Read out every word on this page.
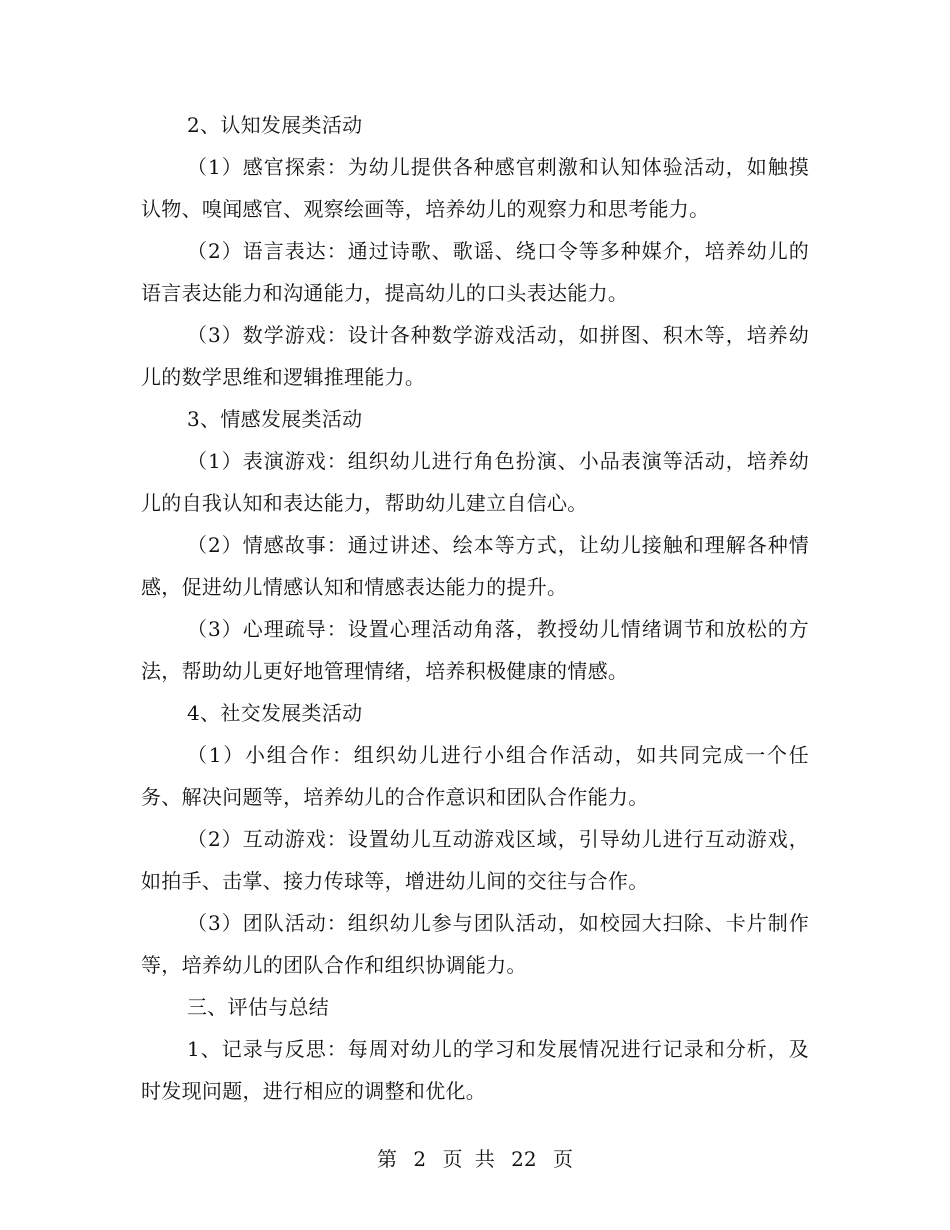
2、认知发展类活动

（1）感官探索：为幼儿提供各种感官刺激和认知体验活动，如触摸认物、嗅闻感官、观察绘画等，培养幼儿的观察力和思考能力。

（2）语言表达：通过诗歌、歌谣、绕口令等多种媒介，培养幼儿的语言表达能力和沟通能力，提高幼儿的口头表达能力。

（3）数学游戏：设计各种数学游戏活动，如拼图、积木等，培养幼儿的数学思维和逻辑推理能力。

3、情感发展类活动

（1）表演游戏：组织幼儿进行角色扮演、小品表演等活动，培养幼儿的自我认知和表达能力，帮助幼儿建立自信心。

（2）情感故事：通过讲述、绘本等方式，让幼儿接触和理解各种情感，促进幼儿情感认知和情感表达能力的提升。

（3）心理疏导：设置心理活动角落，教授幼儿情绪调节和放松的方法，帮助幼儿更好地管理情绪，培养积极健康的情感。

4、社交发展类活动

（1）小组合作：组织幼儿进行小组合作活动，如共同完成一个任务、解决问题等，培养幼儿的合作意识和团队合作能力。

（2）互动游戏：设置幼儿互动游戏区域，引导幼儿进行互动游戏，如拍手、击掌、接力传球等，增进幼儿间的交往与合作。

（3）团队活动：组织幼儿参与团队活动，如校园大扫除、卡片制作等，培养幼儿的团队合作和组织协调能力。

三、评估与总结

1、记录与反思：每周对幼儿的学习和发展情况进行记录和分析，及时发现问题，进行相应的调整和优化。

第 2 页 共 22 页
